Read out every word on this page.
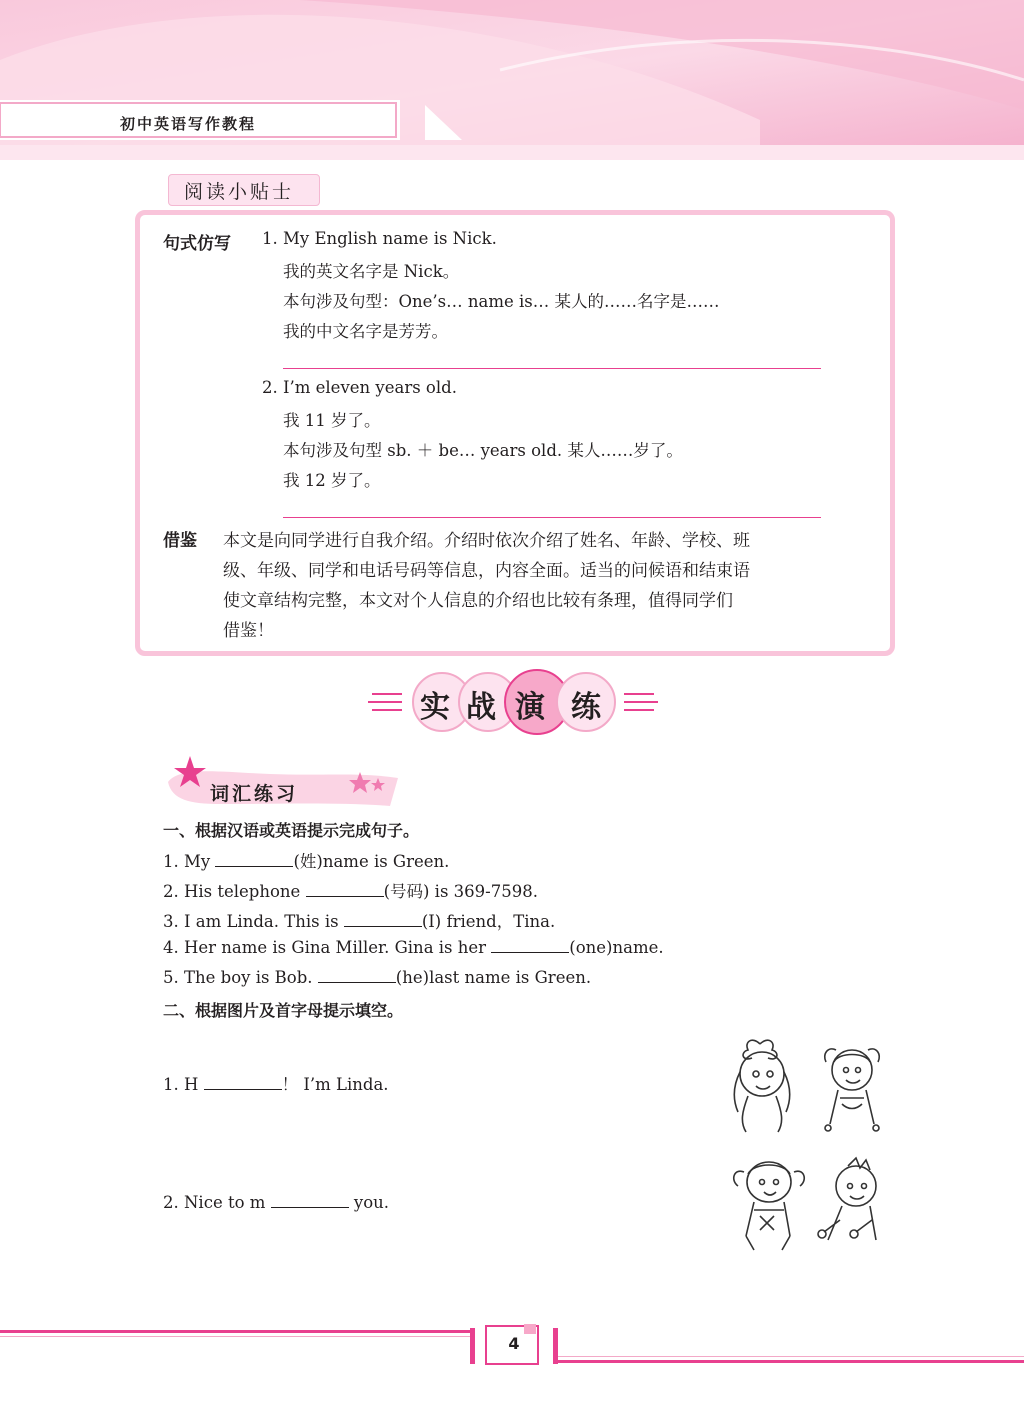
初中英语写作教程
阅读小贴士
句式仿写 1. My English name is Nick.
我的英文名字是 Nick。
本句涉及句型：One’s… name is… 某人的……名字是……
我的中文名字是芳芳。
2. I’m eleven years old.
我 11 岁了。
本句涉及句型 sb. ＋ be… years old. 某人……岁了。
我 12 岁了。
借鉴 本文是向同学进行自我介绍。介绍时依次介绍了姓名、年龄、学校、班
级、年级、同学和电话号码等信息，内容全面。适当的问候语和结束语
使文章结构完整，本文对个人信息的介绍也比较有条理，值得同学们
借鉴！
实 战 演 练
词汇练习
一、根据汉语或英语提示完成句子。
1. My	(姓)name is Green.
2. His telephone	(号码) is 369-7598.
3. I am Linda. This is	(I) friend，Tina.
4. Her name is Gina Miller. Gina is her	(one)name.
5. The boy is Bob.	(he)last name is Green.
二、根据图片及首字母提示填空。
1. H	！ I’m Linda.
2. Nice to m	you.
4
